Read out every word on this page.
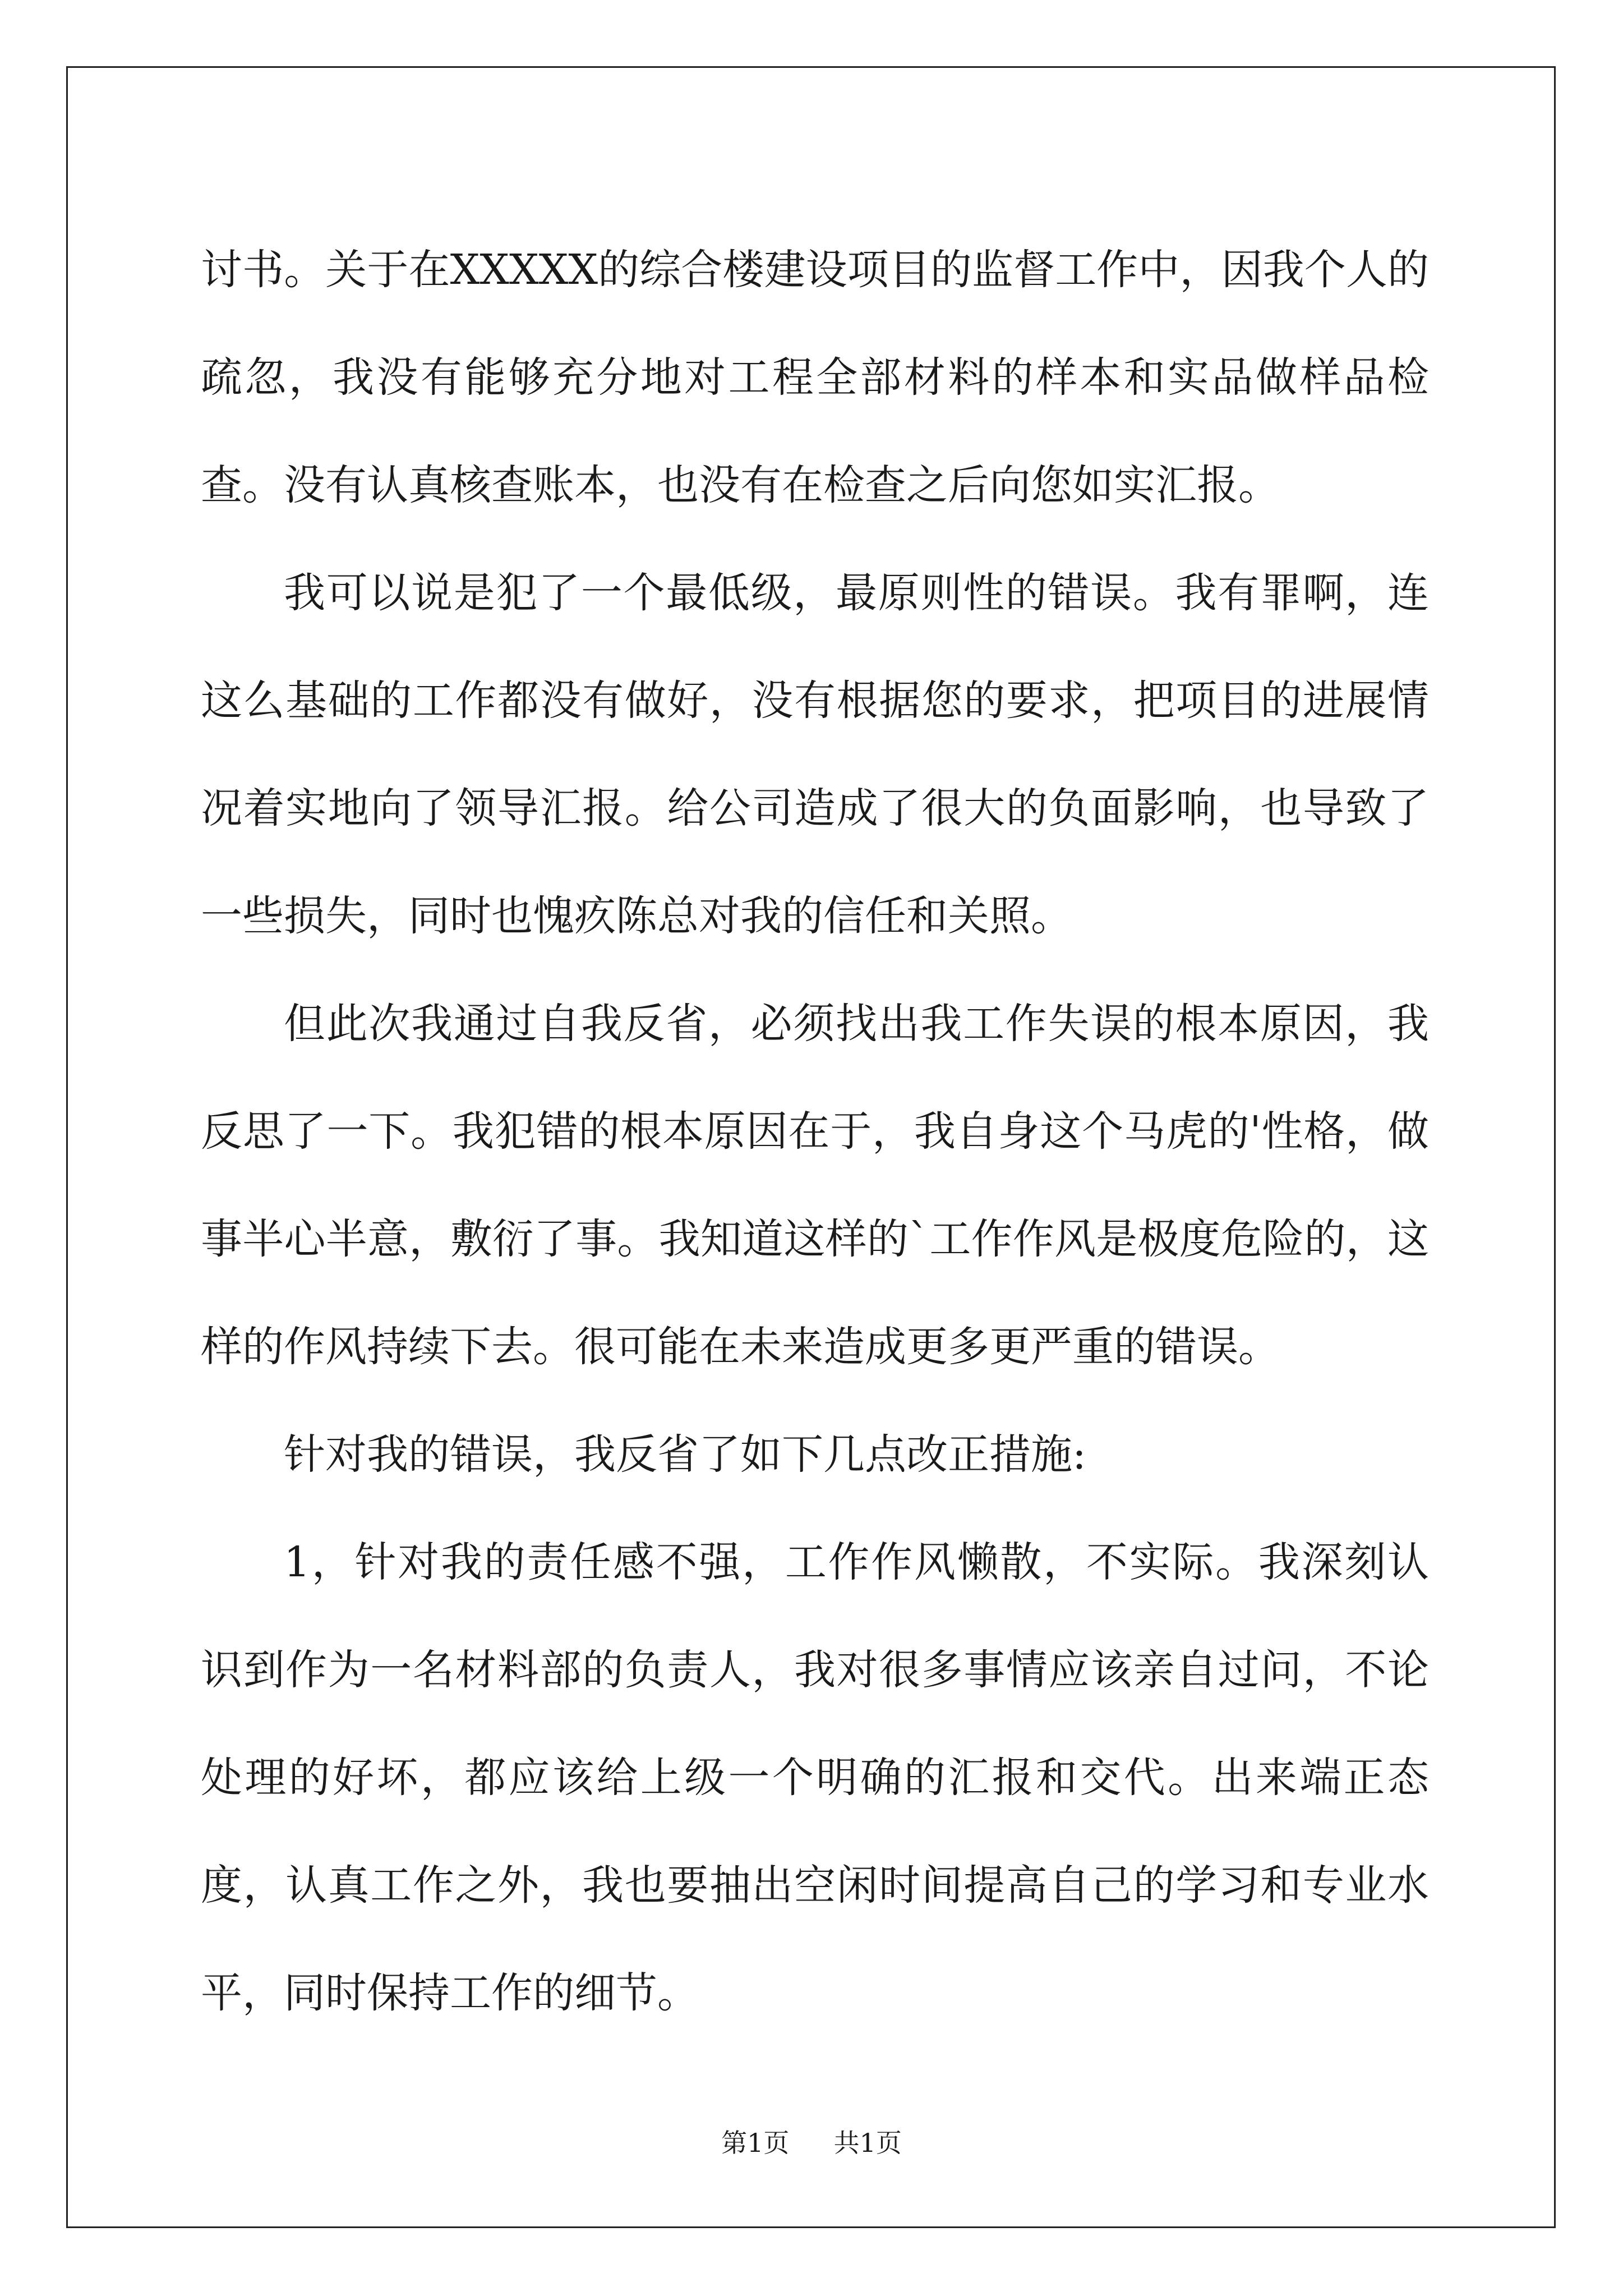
讨书。关于在XXXXX的综合楼建设项目的监督工作中，因我个人的疏忽，我没有能够充分地对工程全部材料的样本和实品做样品检查。没有认真核查账本，也没有在检查之后向您如实汇报。

我可以说是犯了一个最低级，最原则性的错误。我有罪啊，连这么基础的工作都没有做好，没有根据您的要求，把项目的进展情况着实地向了领导汇报。给公司造成了很大的负面影响，也导致了一些损失，同时也愧疚陈总对我的信任和关照。

但此次我通过自我反省，必须找出我工作失误的根本原因，我反思了一下。我犯错的根本原因在于，我自身这个马虎的'性格，做事半心半意，敷衍了事。我知道这样的`工作作风是极度危险的，这样的作风持续下去。很可能在未来造成更多更严重的错误。

针对我的错误，我反省了如下几点改正措施:

1，针对我的责任感不强，工作作风懒散，不实际。我深刻认识到作为一名材料部的负责人，我对很多事情应该亲自过问，不论处理的好坏，都应该给上级一个明确的汇报和交代。出来端正态度，认真工作之外，我也要抽出空闲时间提高自己的学习和专业水平，同时保持工作的细节。

第1页 共1页
